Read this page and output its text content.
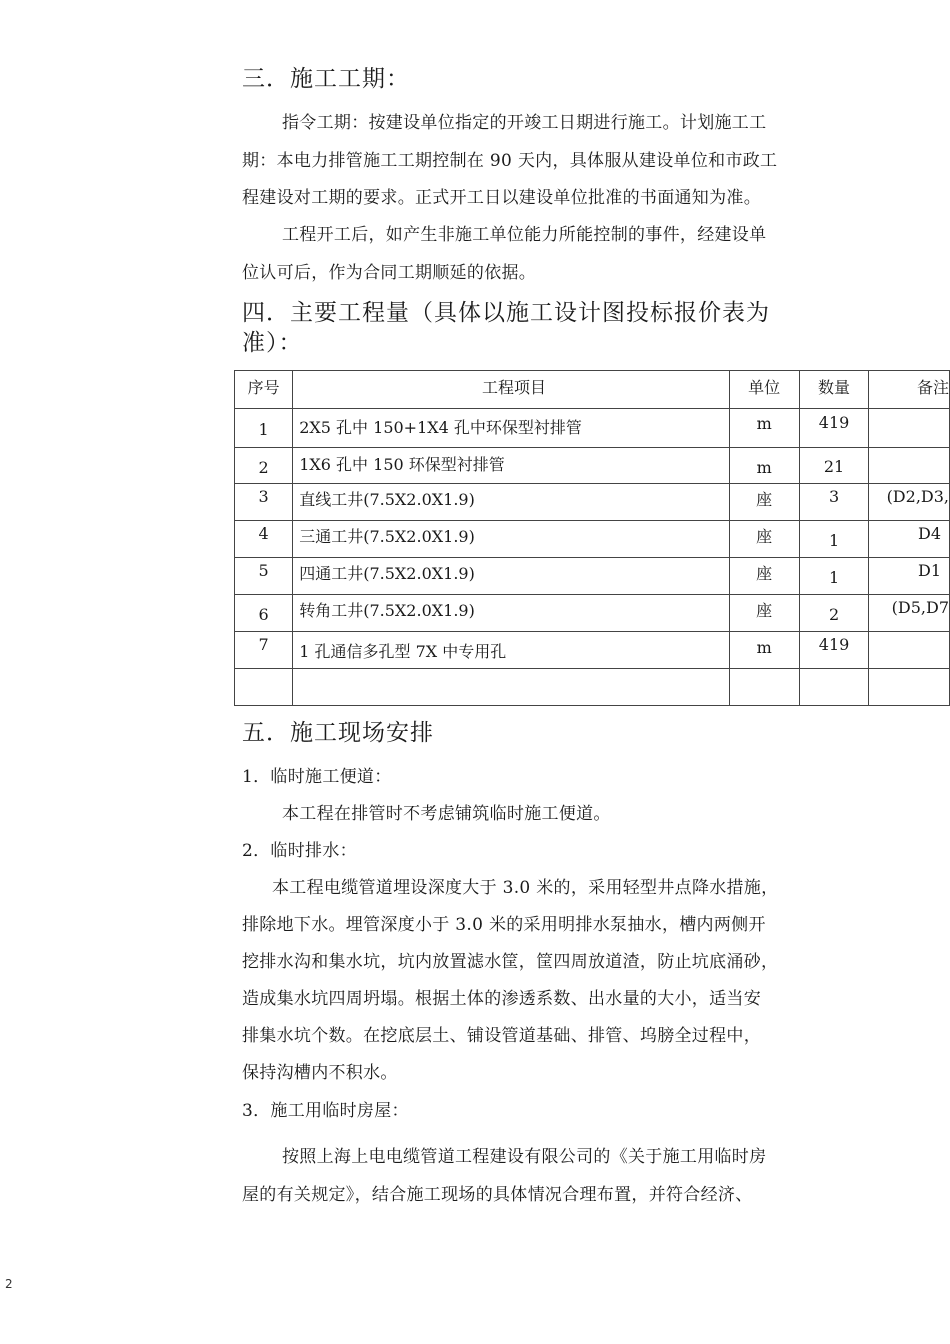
三．施工工期：
指令工期：按建设单位指定的开竣工日期进行施工。计划施工工
期：本电力排管施工工期控制在 90 天内，具体服从建设单位和市政工
程建设对工期的要求。正式开工日以建设单位批准的书面通知为准。
工程开工后，如产生非施工单位能力所能控制的事件，经建设单
位认可后，作为合同工期顺延的依据。
四．主要工程量（具体以施工设计图投标报价表为
准）：
序号	工程项目	单位	数量	备注

1	2X5 孔中 150+1X4 孔中环保型衬排管	m	419	

2	1X6 孔中 150 环保型衬排管	m	21	

3	直线工井(7.5X2.0X1.9)	座	3	(D2,D3,

4	三通工井(7.5X2.0X1.9)	座	1	D4

5	四通工井(7.5X2.0X1.9)	座	1	D1

6	转角工井(7.5X2.0X1.9)	座	2	(D5,D7

7	1 孔通信多孔型 7X 中专用孔	m	419	

五．施工现场安排
1．临时施工便道：
本工程在排管时不考虑铺筑临时施工便道。
2．临时排水：
本工程电缆管道埋设深度大于 3.0 米的，采用轻型井点降水措施，
排除地下水。埋管深度小于 3.0 米的采用明排水泵抽水，槽内两侧开
挖排水沟和集水坑，坑内放置滤水筐，筐四周放道渣，防止坑底涌砂，
造成集水坑四周坍塌。根据土体的渗透系数、出水量的大小，适当安
排集水坑个数。在挖底层土、铺设管道基础、排管、坞膀全过程中，
保持沟槽内不积水。
3．施工用临时房屋：
按照上海上电电缆管道工程建设有限公司的《关于施工用临时房
屋的有关规定》，结合施工现场的具体情况合理布置，并符合经济、
2
